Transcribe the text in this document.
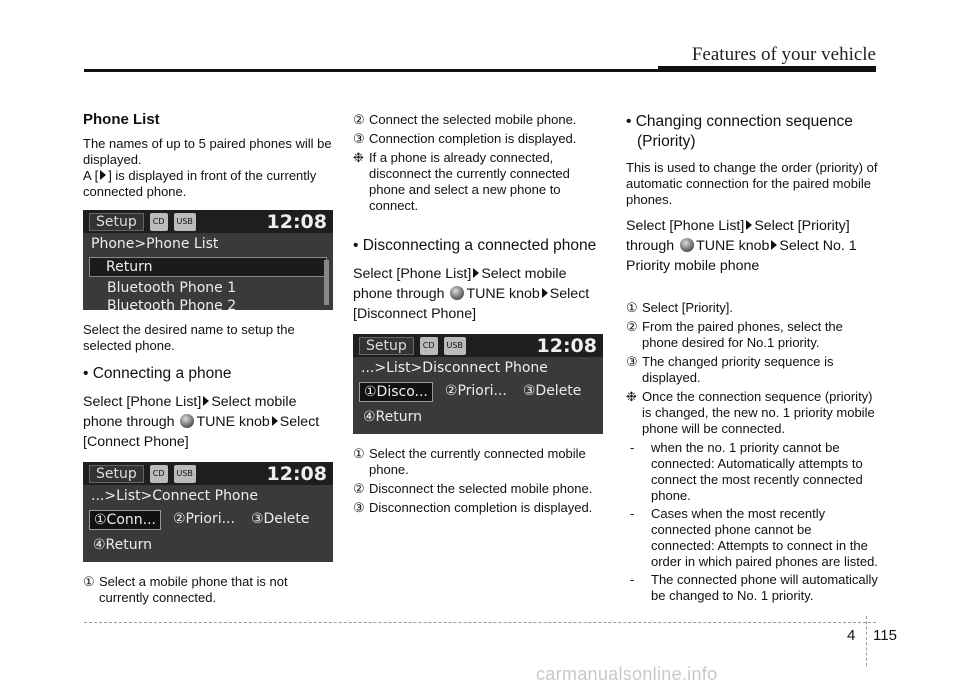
Features of your vehicle
Phone List

The names of up to 5 paired phones will be displayed.

A [ ] is displayed in front of the currently connected phone.

Setup	CD	USB	12:08
Phone>Phone List
Return
Bluetooth Phone 1
Bluetooth Phone 2

Select the desired name to setup the selected phone.

• Connecting a phone
Select [Phone List] Select mobile phone through TUNE knob Select [Connect Phone]
Setup	CD	USB	12:08
...>List>Connect Phone
①Conn...	②Priori... ③Delete
④Return
① Select a mobile phone that is not currently connected.
② Connect the selected mobile phone.
③ Connection completion is displayed.
❉ If a phone is already connected, disconnect the currently connected phone and select a new phone to connect.
• Disconnecting a connected phone
Select [Phone List] Select mobile phone through TUNE knob Select [Disconnect Phone]
Setup	CD	USB	12:08
...>List>Disconnect Phone
①Disco...	②Priori... ③Delete
④Return
① Select the currently connected mobile phone.
② Disconnect the selected mobile phone.
③ Disconnection completion is displayed.
• Changing connection sequence
(Priority)

This is used to change the order (priority) of automatic connection for the paired mobile phones.

Select [Phone List] Select [Priority] through TUNE knob Select No. 1 Priority mobile phone
① Select [Priority].
② From the paired phones, select the phone desired for No.1 priority.
③ The changed priority sequence is displayed.
❉ Once the connection sequence (priority) is changed, the new no. 1 priority mobile phone will be connected.
- when the no. 1 priority cannot be connected: Automatically attempts to connect the most recently connected phone.
- Cases when the most recently connected phone cannot be connected: Attempts to connect in the order in which paired phones are listed.
- The connected phone will automatically be changed to No. 1 priority.
4 115
carmanualsonline.info
